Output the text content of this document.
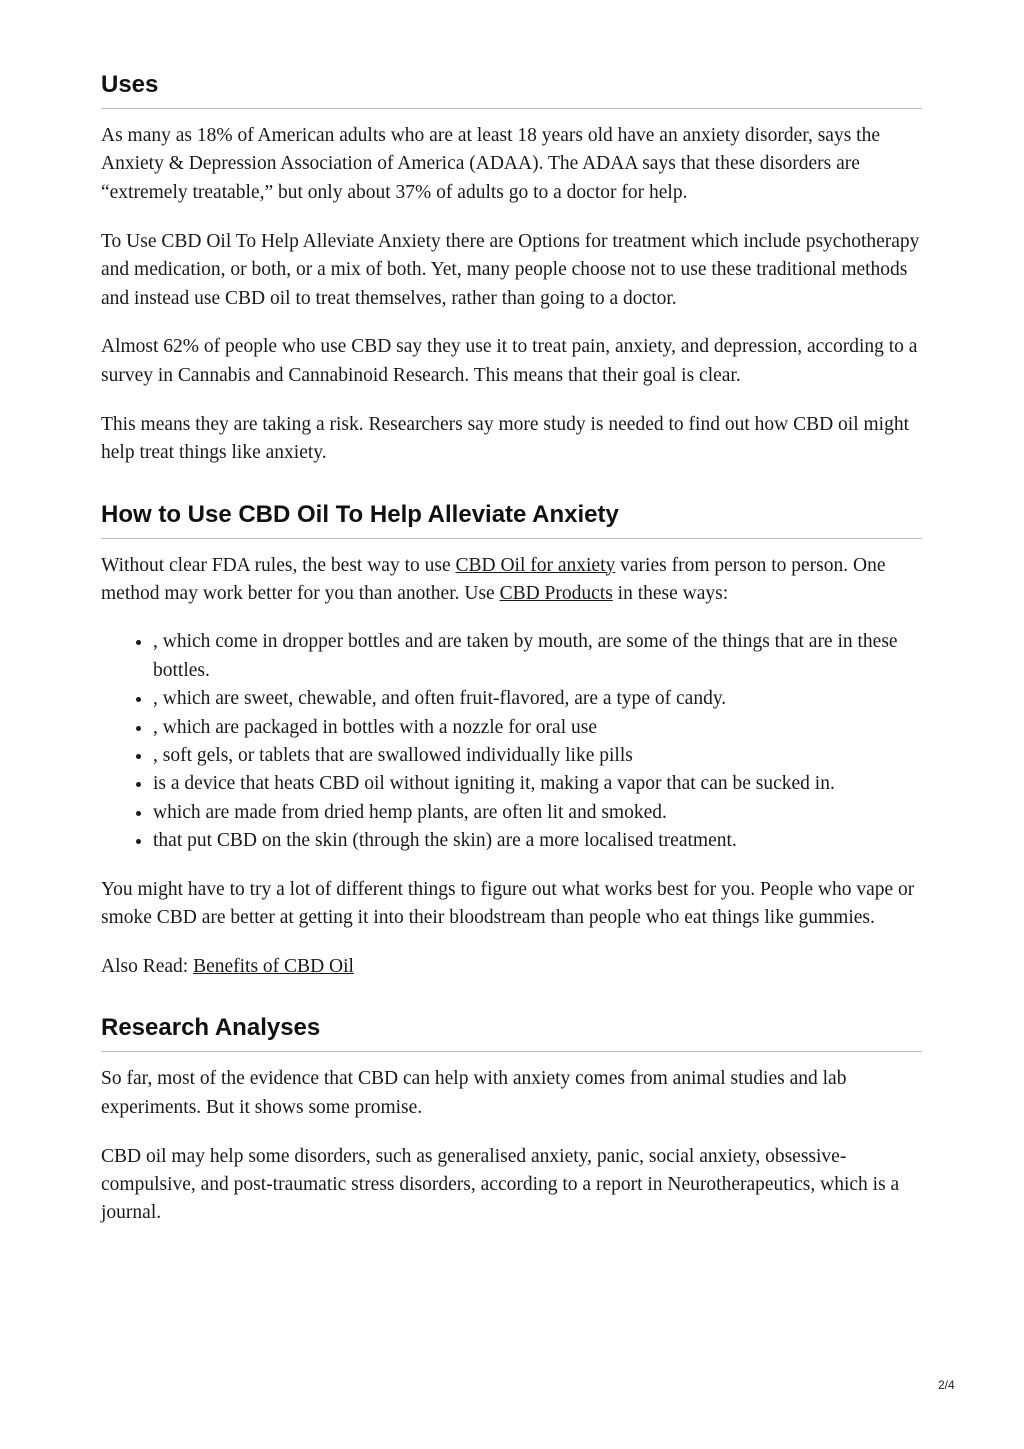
Uses

As many as 18% of American adults who are at least 18 years old have an anxiety disorder, says the Anxiety & Depression Association of America (ADAA). The ADAA says that these disorders are “extremely treatable,” but only about 37% of adults go to a doctor for help.

To Use CBD Oil To Help Alleviate Anxiety there are Options for treatment which include psychotherapy and medication, or both, or a mix of both. Yet, many people choose not to use these traditional methods and instead use CBD oil to treat themselves, rather than going to a doctor.

Almost 62% of people who use CBD say they use it to treat pain, anxiety, and depression, according to a survey in Cannabis and Cannabinoid Research. This means that their goal is clear.

This means they are taking a risk. Researchers say more study is needed to find out how CBD oil might help treat things like anxiety.

How to Use CBD Oil To Help Alleviate Anxiety

Without clear FDA rules, the best way to use CBD Oil for anxiety varies from person to person. One method may work better for you than another. Use CBD Products in these ways:

• , which come in dropper bottles and are taken by mouth, are some of the things that are in these bottles.
• , which are sweet, chewable, and often fruit-flavored, are a type of candy.
• , which are packaged in bottles with a nozzle for oral use
• , soft gels, or tablets that are swallowed individually like pills
• is a device that heats CBD oil without igniting it, making a vapor that can be sucked in.
• which are made from dried hemp plants, are often lit and smoked.
• that put CBD on the skin (through the skin) are a more localised treatment.

You might have to try a lot of different things to figure out what works best for you. People who vape or smoke CBD are better at getting it into their bloodstream than people who eat things like gummies.

Also Read: Benefits of CBD Oil

Research Analyses

So far, most of the evidence that CBD can help with anxiety comes from animal studies and lab experiments. But it shows some promise.

CBD oil may help some disorders, such as generalised anxiety, panic, social anxiety, obsessive-compulsive, and post-traumatic stress disorders, according to a report in Neurotherapeutics, which is a journal.

2/4
